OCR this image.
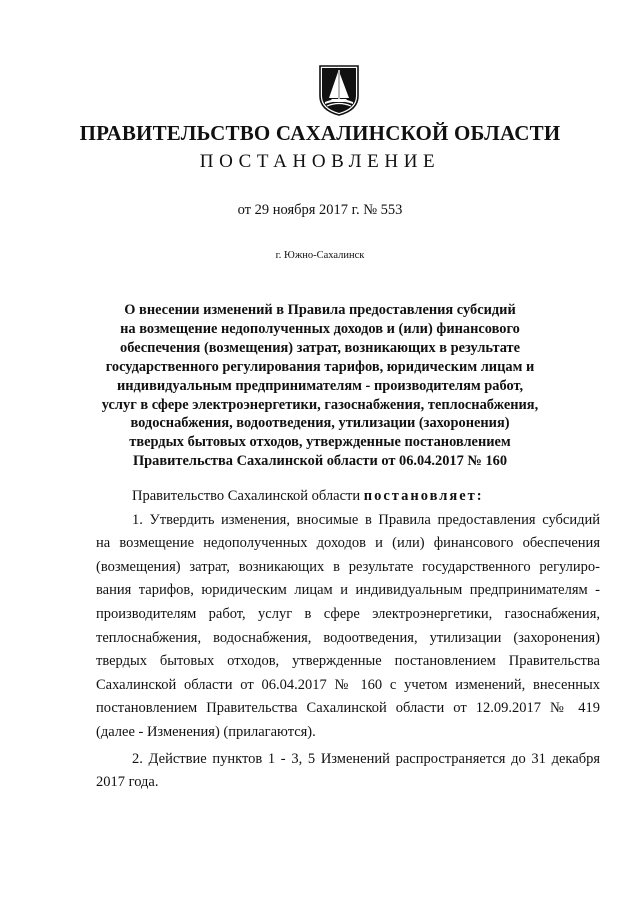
ПРАВИТЕЛЬСТВО САХАЛИНСКОЙ ОБЛАСТИ
ПОСТАНОВЛЕНИЕ
от 29 ноября 2017 г. № 553
г. Южно-Сахалинск
О внесении изменений в Правила предоставления субсидий
на возмещение недополученных доходов и (или) финансового
обеспечения (возмещения) затрат, возникающих в результате
государственного регулирования тарифов, юридическим лицам и
индивидуальным предпринимателям - производителям работ,
услуг в сфере электроэнергетики, газоснабжения, теплоснабжения,
водоснабжения, водоотведения, утилизации (захоронения)
твердых бытовых отходов, утвержденные постановлением
Правительства Сахалинской области от 06.04.2017 № 160
Правительство Сахалинской области постановляет:
1. Утвердить изменения, вносимые в Правила предоставления субсидий
на возмещение недополученных доходов и (или) финансового обеспечения
(возмещения) затрат, возникающих в результате государственного регулиро-
вания тарифов, юридическим лицам и индивидуальным предпринимателям -
производителям работ, услуг в сфере электроэнергетики, газоснабжения,
теплоснабжения, водоснабжения, водоотведения, утилизации (захоронения)
твердых бытовых отходов, утвержденные постановлением Правительства
Сахалинской области от 06.04.2017 № 160 с учетом изменений, внесенных
постановлением Правительства Сахалинской области от 12.09.2017 № 419
(далее - Изменения) (прилагаются).
2. Действие пунктов 1 - 3, 5 Изменений распространяется до 31 декабря
2017 года.
